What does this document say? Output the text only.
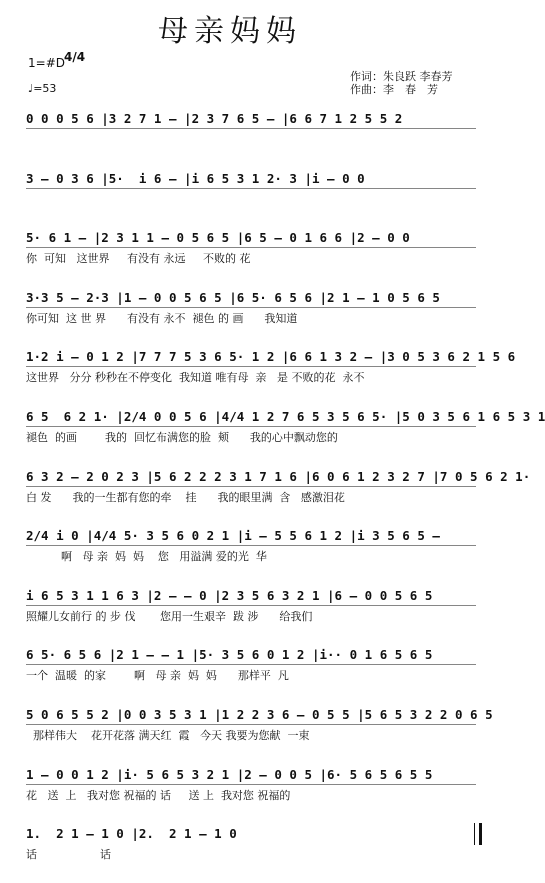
母亲妈妈
1=#D 4/4
♩=53
作词：朱良跃 李春芳
作曲：李　春　芳
0 0 0 5 6 |3 2 7 1 — |2 3 7 6 5 — |6 6 7 1 2 5 5 2
3 — 0 3 6 |5·  i 6 — |i 6 5 3 1 2· 3 |i — 0 0
5· 6 1 — |2 3 1 1 — 0 5 6 5 |6 5 — 0 1 6 6 |2 — 0 0
你  可知   这世界     有没有 永远     不败的 花
3·3 5 — 2·3 |1 — 0 0 5 6 5 |6 5· 6 5 6 |2 1 — 1 0 5 6 5
你可知  这 世 界      有没有 永不  褪色 的 画      我知道
1·2 i — 0 1 2 |7 7 7 5 3 6 5· 1 2 |6 6 1 3 2 — |3 0 5 3 6 2 1 5 6
这世界   分分 秒秒在不停变化  我知道 唯有母  亲   是 不败的花  永不
6 5  6 2 1· |2/4 0 0 5 6 |4/4 1 2 7 6 5 3 5 6 5· |5 0 3 5 6 1 6 5 3 1
褪色  的画        我的  回忆布满您的脸  颊      我的心中飘动您的
6 3 2 — 2 0 2 3 |5 6 2 2 2 3 1 7 1 6 |6 0 6 1 2 3 2 7 |7 0 5 6 2 1·
白 发      我的一生都有您的牵    挂      我的眼里满  含   感激泪花
2/4 i 0 |4/4 5· 3 5 6 0 2 1 |i — 5 5 6 1 2 |i 3 5 6 5 —
啊   母 亲  妈  妈    您   用溢满 爱的光  华
i 6 5 3 1 1 6 3 |2 — — 0 |2 3 5 6 3 2 1 |6 — 0 0 5 6 5
照耀儿女前行 的 步 伐       您用一生艰辛  跋 涉      给我们
6 5· 6 5 6 |2 1 — — 1 |5· 3 5 6 0 1 2 |i·· 0 1 6 5 6 5
一个  温暖  的家        啊   母 亲  妈  妈      那样平  凡
5 0 6 5 5 2 |0 0 3 5 3 1 |1 2 2 3 6 — 0 5 5 |5 6 5 3 2 2 0 6 5
那样伟大    花开花落 满天红  霞   今天 我要为您献  一束
1 — 0 0 1 2 |i· 5 6 5 3 2 1 |2 — 0 0 5 |6· 5 6 5 6 5 5
花   送  上   我对您 祝福的 话     送 上  我对您 祝福的
1.  2 1 — 1 0 |2.  2 1 — 1 0
话                  话
